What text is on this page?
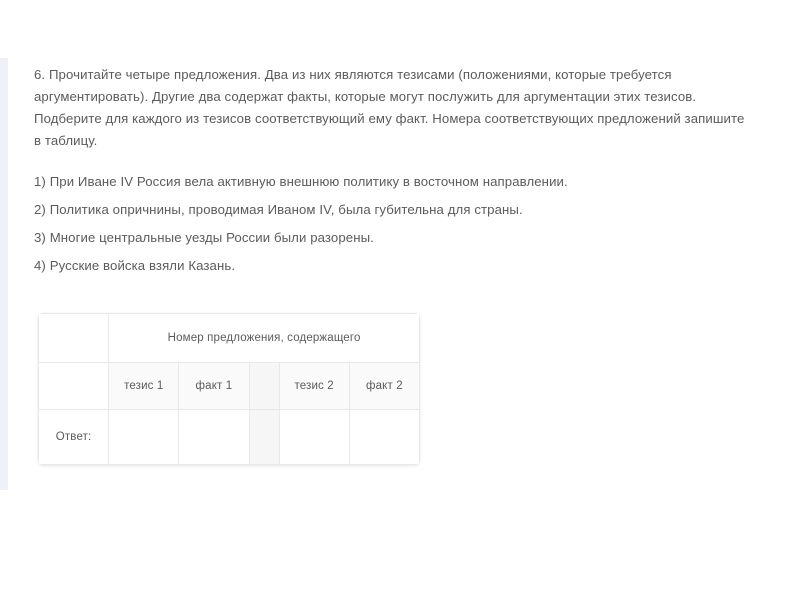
6. Прочитайте четыре предложения. Два из них являются тезисами (положениями, которые требуется аргументировать). Другие два содержат факты, которые могут послужить для аргументации этих тезисов. Подберите для каждого из тезисов соответствующий ему факт. Номера соответствующих предложений запишите в таблицу.

1) При Иване IV Россия вела активную внешнюю политику в восточном направлении.
2) Политика опричнины, проводимая Иваном IV, была губительна для страны.
3) Многие центральные уезды России были разорены.
4) Русские войска взяли Казань.
	Номер предложения, содержащего				
	тезис 1	факт 1		тезис 2	факт 2
Ответ:					
